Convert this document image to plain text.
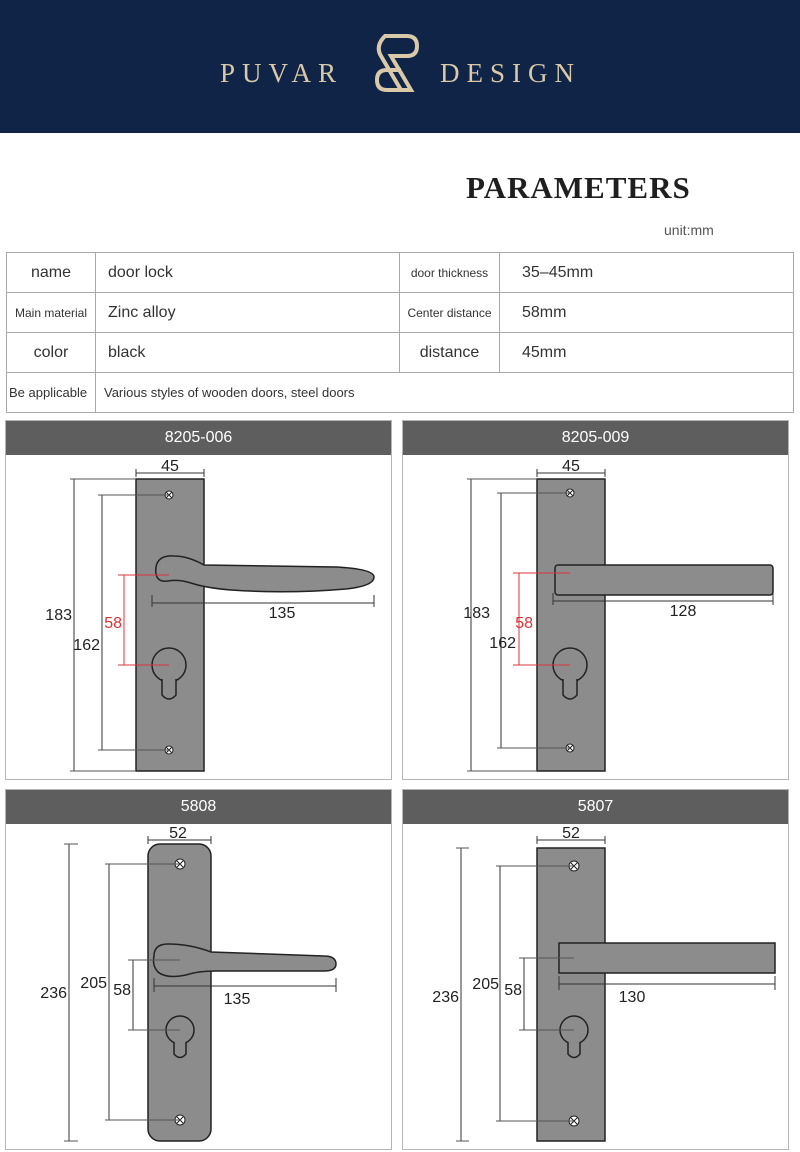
PUVAR	DESIGN
PARAMETERS
unit:mm
name	door lock	door thickness	35–45mm
Main material	Zinc alloy	Center distance	58mm
color	black	distance	45mm
Be applicable	Various styles of wooden doors, steel doors		
8205-006
45
183
162
58
135
8205-009
45
183
162
58
128
5808
52
236
205 58
135
5807
52
236
205 58	130
